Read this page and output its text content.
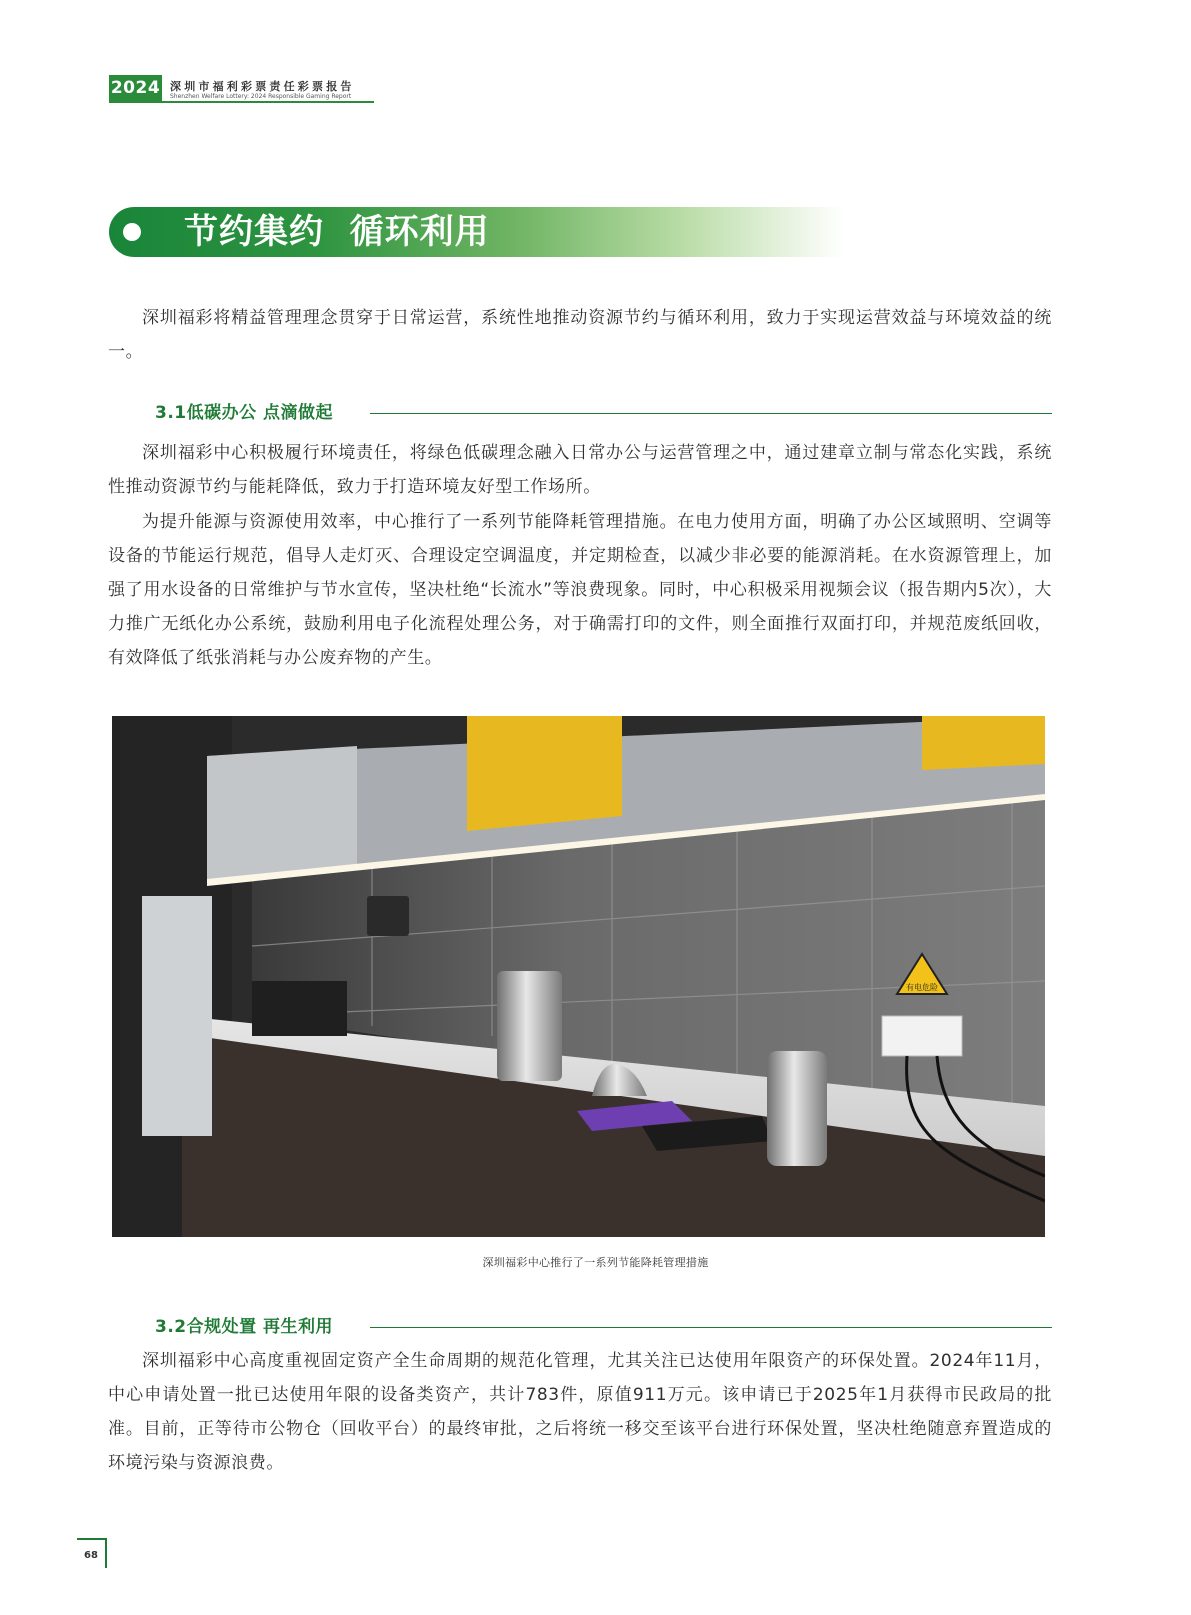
2024 深圳市福利彩票责任彩票报告
Shenzhen Welfare Lottery: 2024 Responsible Gaming Report
节约集约  循环利用

深圳福彩将精益管理理念贯穿于日常运营，系统性地推动资源节约与循环利用，致力于实现运营效益与环境效益的统一。

3.1低碳办公 点滴做起

深圳福彩中心积极履行环境责任，将绿色低碳理念融入日常办公与运营管理之中，通过建章立制与常态化实践，系统性推动资源节约与能耗降低，致力于打造环境友好型工作场所。

为提升能源与资源使用效率，中心推行了一系列节能降耗管理措施。在电力使用方面，明确了办公区域照明、空调等设备的节能运行规范，倡导人走灯灭、合理设定空调温度，并定期检查，以减少非必要的能源消耗。在水资源管理上，加强了用水设备的日常维护与节水宣传，坚决杜绝“长流水”等浪费现象。同时，中心积极采用视频会议（报告期内5次），大力推广无纸化办公系统，鼓励利用电子化流程处理公务，对于确需打印的文件，则全面推行双面打印，并规范废纸回收，有效降低了纸张消耗与办公废弃物的产生。

有电危险
深圳福彩中心推行了一系列节能降耗管理措施
3.2合规处置 再生利用

深圳福彩中心高度重视固定资产全生命周期的规范化管理，尤其关注已达使用年限资产的环保处置。2024年11月，中心申请处置一批已达使用年限的设备类资产，共计783件，原值911万元。该申请已于2025年1月获得市民政局的批准。目前，正等待市公物仓（回收平台）的最终审批，之后将统一移交至该平台进行环保处置，坚决杜绝随意弃置造成的环境污染与资源浪费。

68
